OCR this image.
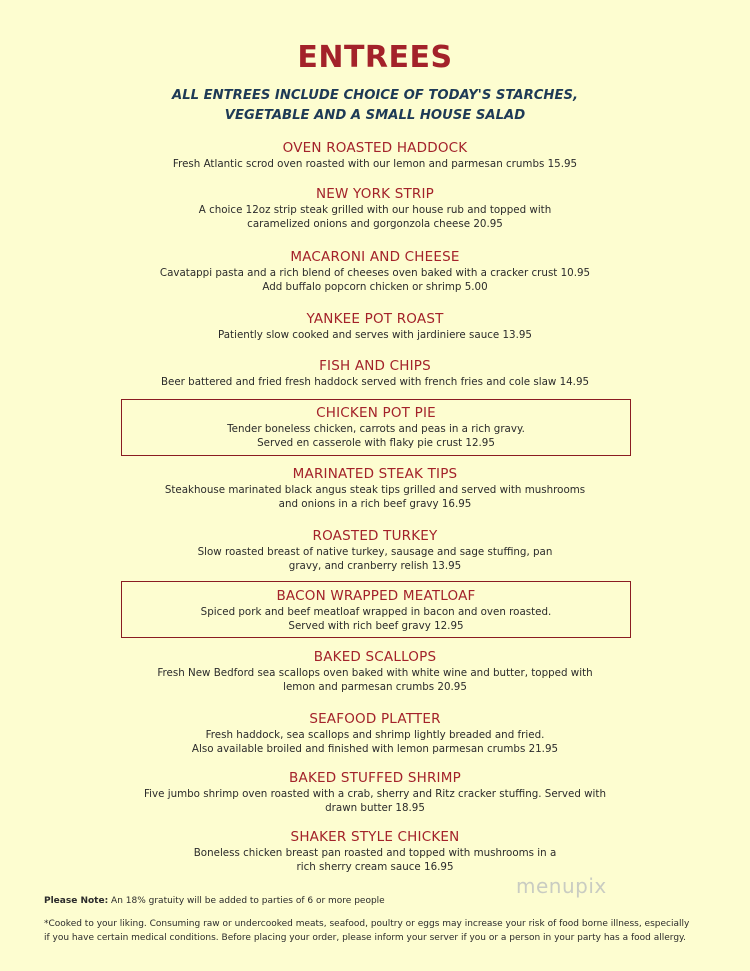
ENTREES
ALL ENTREES INCLUDE CHOICE OF TODAY'S STARCHES,
VEGETABLE AND A SMALL HOUSE SALAD
OVEN ROASTED HADDOCK
Fresh Atlantic scrod oven roasted with our lemon and parmesan crumbs 15.95
NEW YORK STRIP
A choice 12oz strip steak grilled with our house rub and topped with
caramelized onions and gorgonzola cheese 20.95
MACARONI AND CHEESE
Cavatappi pasta and a rich blend of cheeses oven baked with a cracker crust 10.95
Add buffalo popcorn chicken or shrimp 5.00
YANKEE POT ROAST
Patiently slow cooked and serves with jardiniere sauce 13.95
FISH AND CHIPS
Beer battered and fried fresh haddock served with french fries and cole slaw 14.95
CHICKEN POT PIE
Tender boneless chicken, carrots and peas in a rich gravy.
Served en casserole with flaky pie crust 12.95
MARINATED STEAK TIPS
Steakhouse marinated black angus steak tips grilled and served with mushrooms
and onions in a rich beef gravy 16.95
ROASTED TURKEY
Slow roasted breast of native turkey, sausage and sage stuffing, pan
gravy, and cranberry relish 13.95
BACON WRAPPED MEATLOAF
Spiced pork and beef meatloaf wrapped in bacon and oven roasted.
Served with rich beef gravy 12.95
BAKED SCALLOPS
Fresh New Bedford sea scallops oven baked with white wine and butter, topped with
lemon and parmesan crumbs 20.95
SEAFOOD PLATTER
Fresh haddock, sea scallops and shrimp lightly breaded and fried.
Also available broiled and finished with lemon parmesan crumbs 21.95
BAKED STUFFED SHRIMP
Five jumbo shrimp oven roasted with a crab, sherry and Ritz cracker stuffing. Served with
drawn butter 18.95
SHAKER STYLE CHICKEN
Boneless chicken breast pan roasted and topped with mushrooms in a
rich sherry cream sauce 16.95
menupix
Please Note: An 18% gratuity will be added to parties of 6 or more people
*Cooked to your liking. Consuming raw or undercooked meats, seafood, poultry or eggs may increase your risk of food borne illness, especially
if you have certain medical conditions. Before placing your order, please inform your server if you or a person in your party has a food allergy.
